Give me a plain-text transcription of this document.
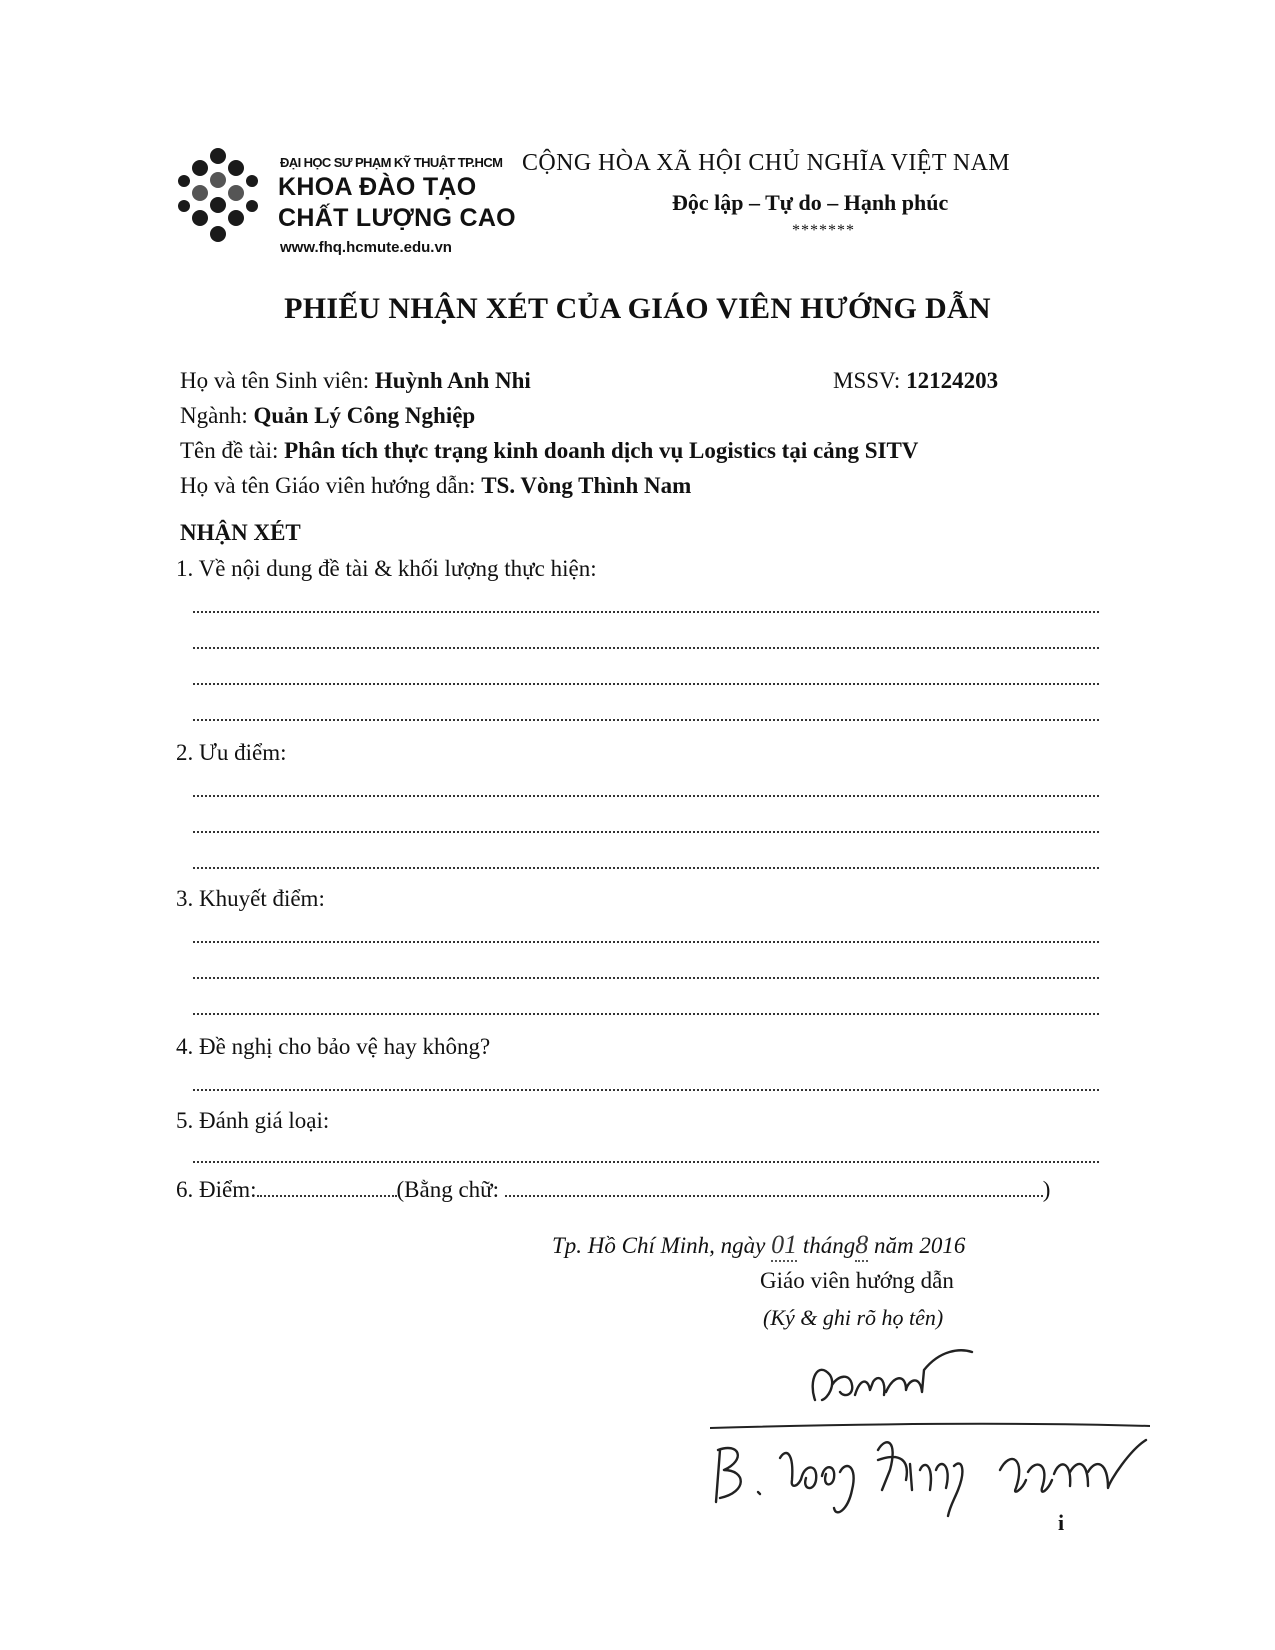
ĐẠI HỌC SƯ PHẠM KỸ THUẬT TP.HCM
KHOA ĐÀO TẠO
CHẤT LƯỢNG CAO
www.fhq.hcmute.edu.vn
CỘNG HÒA XÃ HỘI CHỦ NGHĨA VIỆT NAM
Độc lập – Tự do – Hạnh phúc
*******
PHIẾU NHẬN XÉT CỦA GIÁO VIÊN HƯỚNG DẪN
Họ và tên Sinh viên: Huỳnh Anh Nhi	MSSV: 12124203
Ngành: Quản Lý Công Nghiệp
Tên đề tài: Phân tích thực trạng kinh doanh dịch vụ Logistics tại cảng SITV
Họ và tên Giáo viên hướng dẫn: TS. Vòng Thình Nam
NHẬN XÉT
1. Về nội dung đề tài & khối lượng thực hiện:
2. Ưu điểm:
3. Khuyết điểm:
4. Đề nghị cho bảo vệ hay không?
5. Đánh giá loại:
6. Điểm:	(Bằng chữ:	)
Tp. Hồ Chí Minh, ngày 01 tháng8 năm 2016
Giáo viên hướng dẫn
(Ký & ghi rõ họ tên)
i
